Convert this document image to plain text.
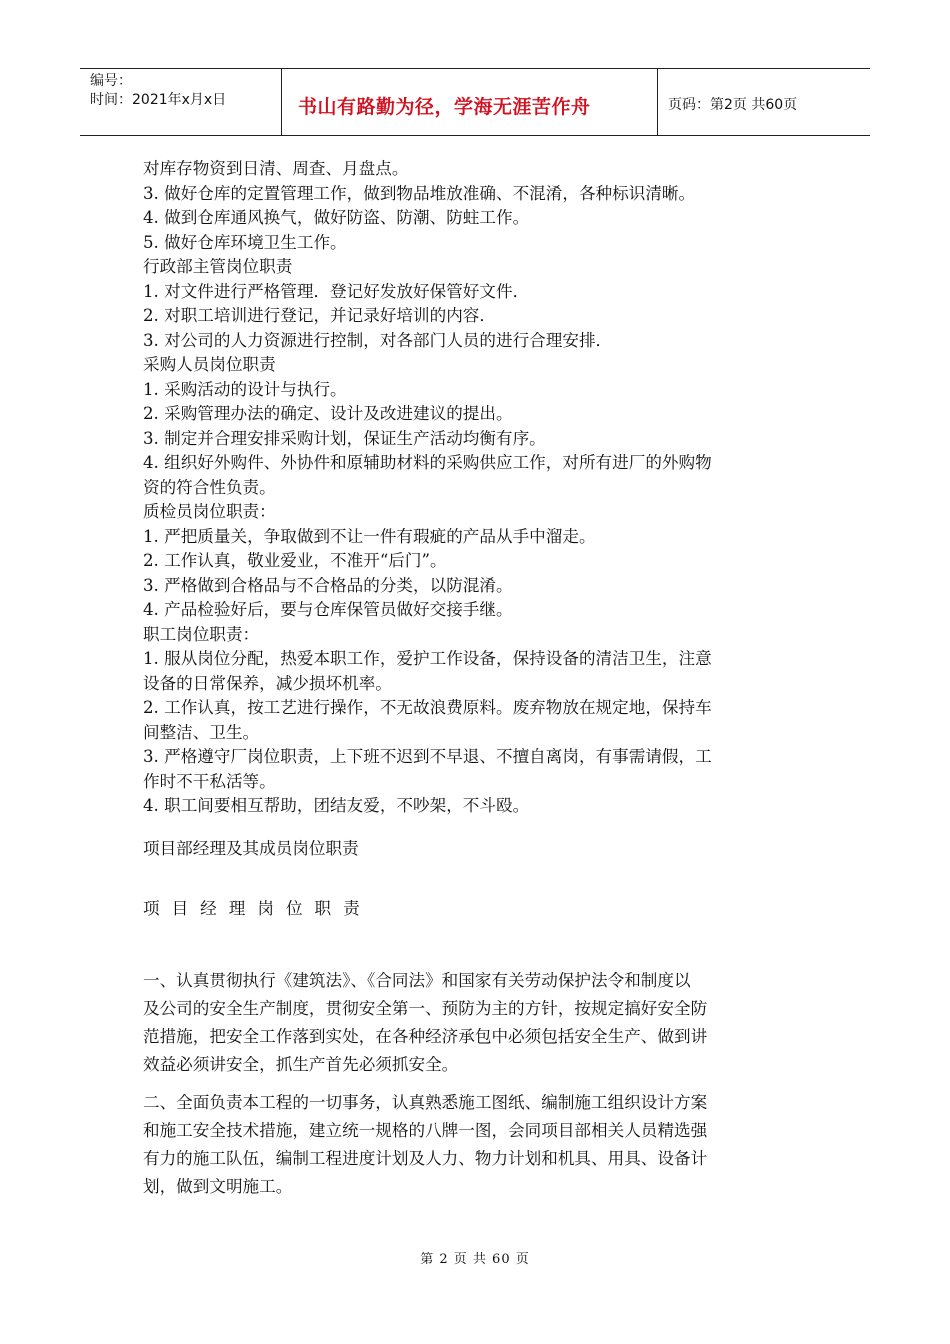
编号：
时间：2021年x月x日	书山有路勤为径，学海无涯苦作舟	页码：第2页 共60页

对库存物资到日清、周查、月盘点。

3. 做好仓库的定置管理工作，做到物品堆放准确、不混淆，各种标识清晰。

4. 做到仓库通风换气，做好防盗、防潮、防蛀工作。

5. 做好仓库环境卫生工作。

行政部主管岗位职责

1. 对文件进行严格管理．登记好发放好保管好文件．

2. 对职工培训进行登记，并记录好培训的内容．

3. 对公司的人力资源进行控制，对各部门人员的进行合理安排．

采购人员岗位职责

1. 采购活动的设计与执行。

2. 采购管理办法的确定、设计及改进建议的提出。

3. 制定并合理安排采购计划，保证生产活动均衡有序。

4. 组织好外购件、外协件和原辅助材料的采购供应工作，对所有进厂的外购物

资的符合性负责。

质检员岗位职责：

1. 严把质量关，争取做到不让一件有瑕疵的产品从手中溜走。

2. 工作认真，敬业爱业，不准开“后门”。

3. 严格做到合格品与不合格品的分类，以防混淆。

4. 产品检验好后，要与仓库保管员做好交接手继。

职工岗位职责：

1. 服从岗位分配，热爱本职工作，爱护工作设备，保持设备的清洁卫生，注意

设备的日常保养，减少损坏机率。

2. 工作认真，按工艺进行操作，不无故浪费原料。废弃物放在规定地，保持车

间整洁、卫生。

3. 严格遵守厂岗位职责，上下班不迟到不早退、不擅自离岗，有事需请假，工

作时不干私活等。

4. 职工间要相互帮助，团结友爱，不吵架，不斗殴。

项目部经理及其成员岗位职责

项目经理岗位职责

一、认真贯彻执行《建筑法》、《合同法》和国家有关劳动保护法令和制度以

及公司的安全生产制度，贯彻安全第一、预防为主的方针，按规定搞好安全防

范措施，把安全工作落到实处，在各种经济承包中必须包括安全生产、做到讲

效益必须讲安全，抓生产首先必须抓安全。

二、全面负责本工程的一切事务，认真熟悉施工图纸、编制施工组织设计方案

和施工安全技术措施，建立统一规格的八牌一图，会同项目部相关人员精选强

有力的施工队伍，编制工程进度计划及人力、物力计划和机具、用具、设备计

划，做到文明施工。

第 2 页 共 60 页
